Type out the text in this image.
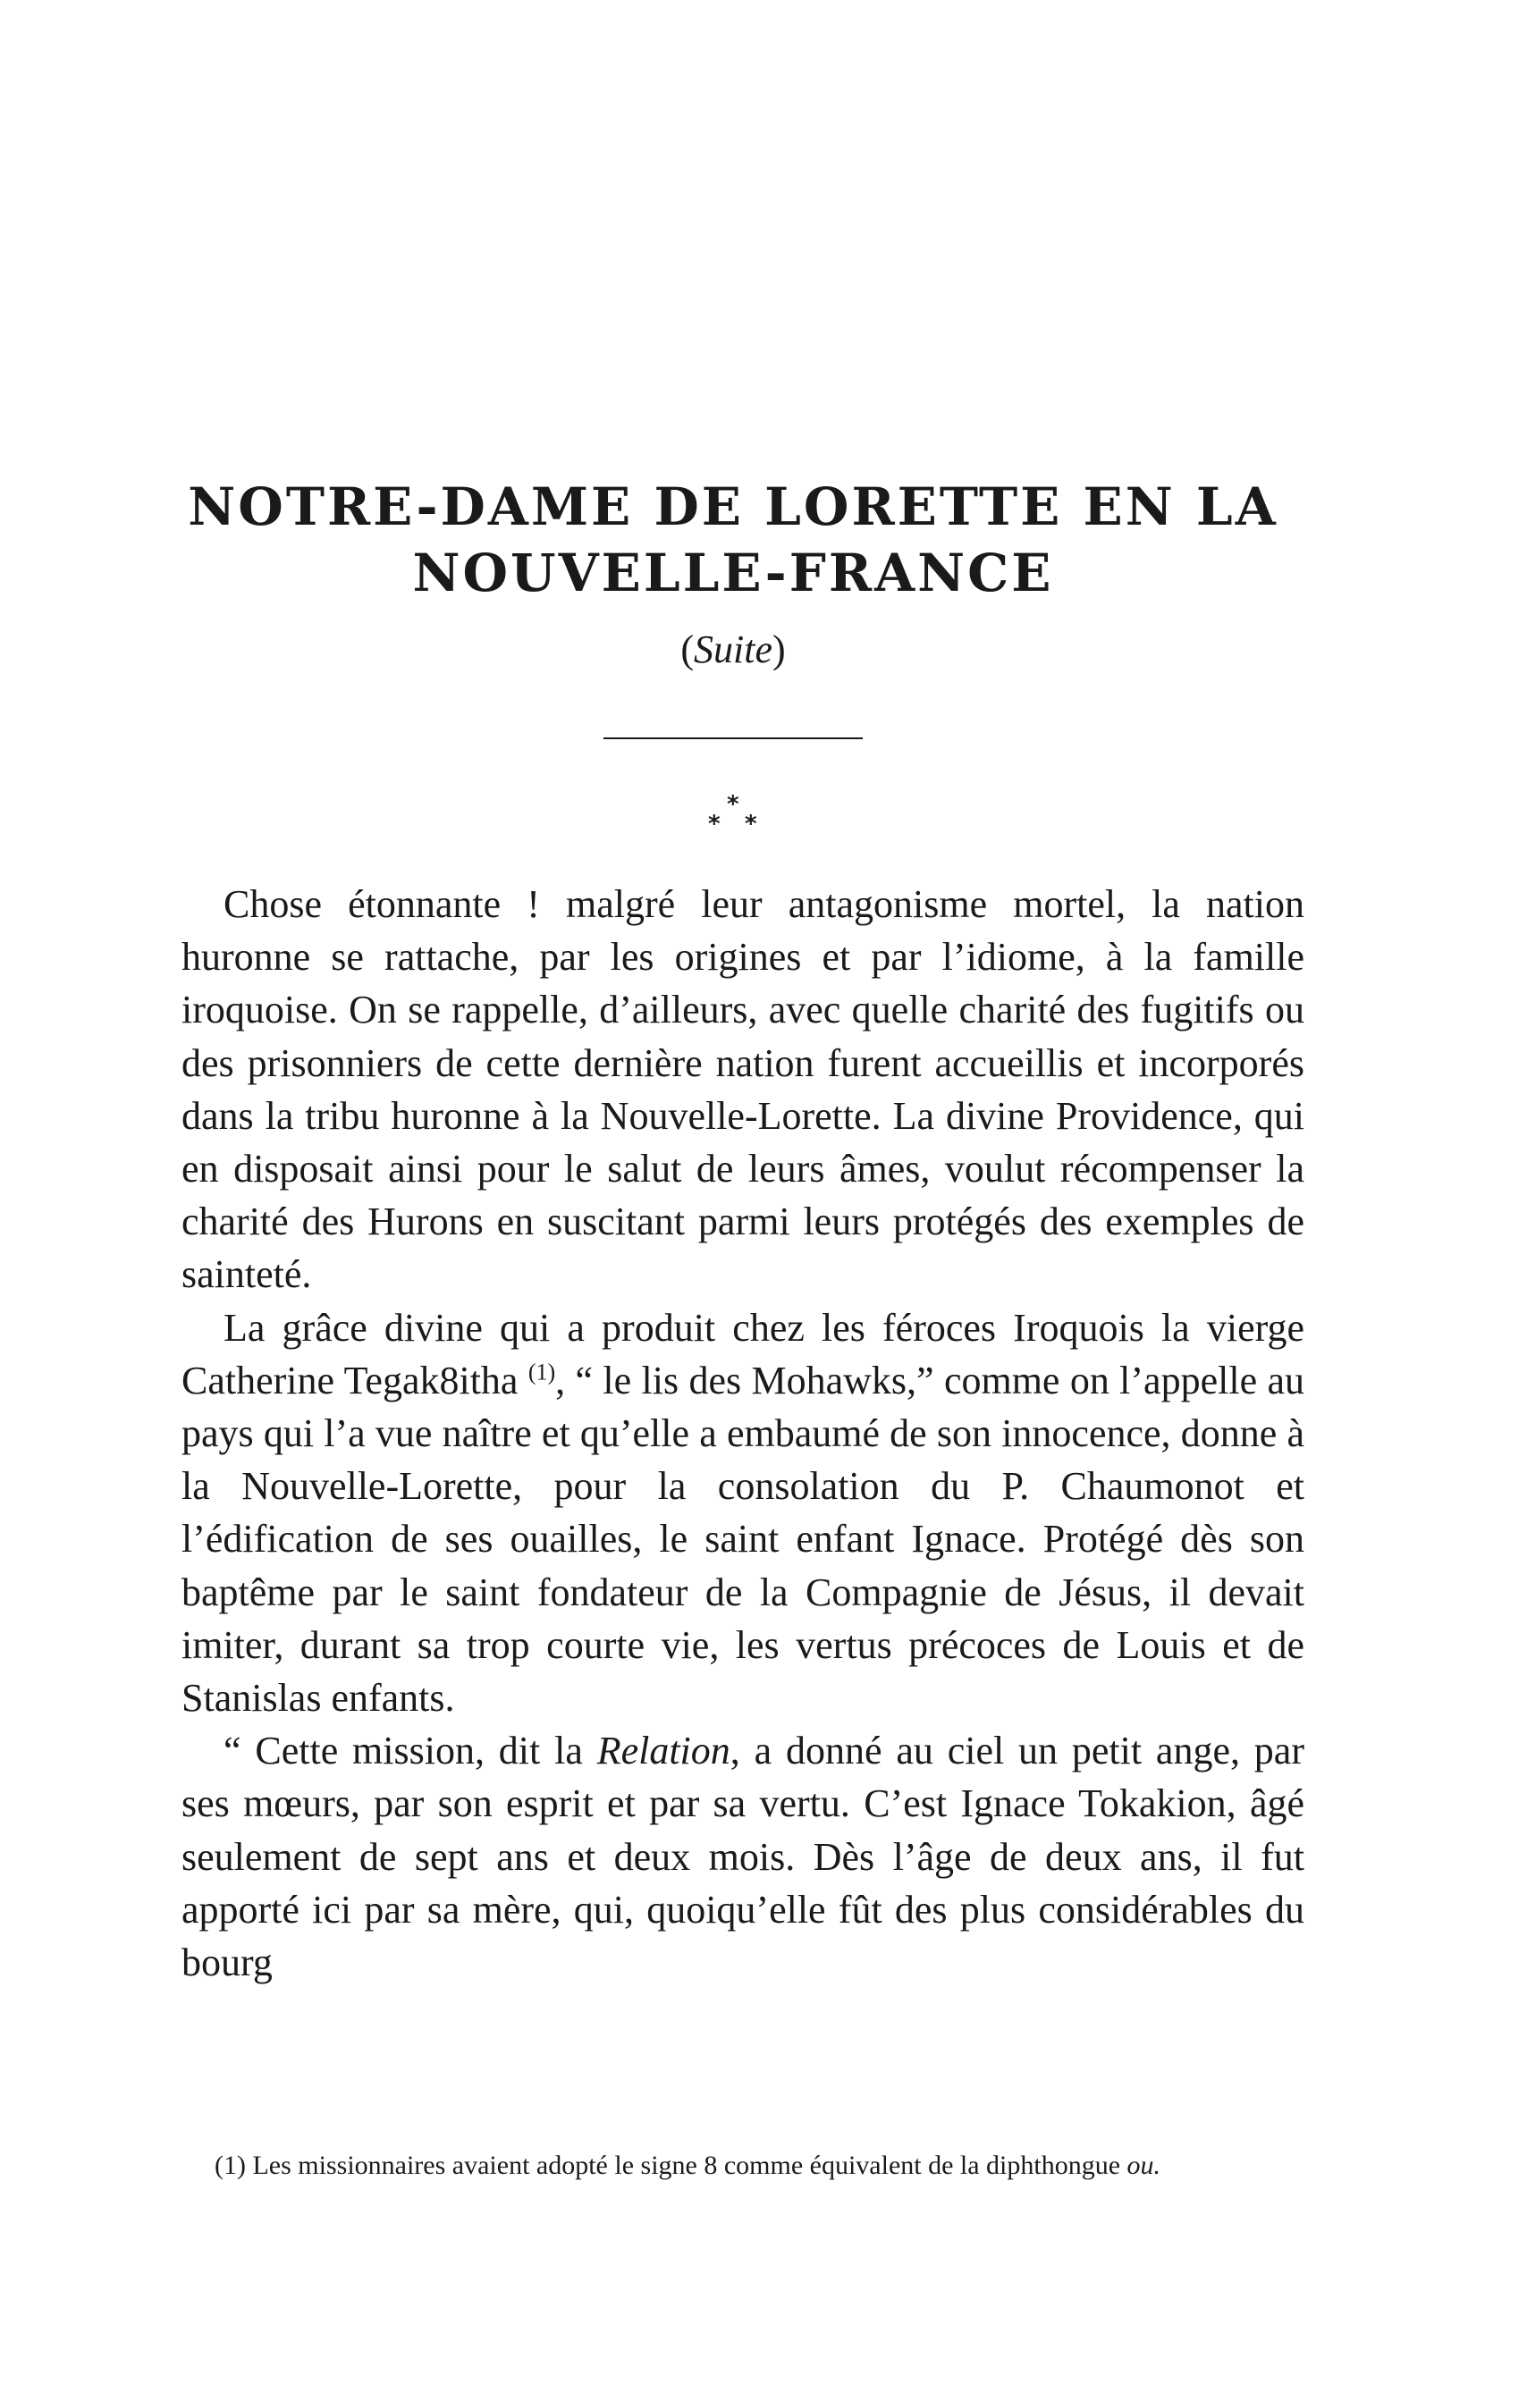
NOTRE-DAME DE LORETTE EN LA
NOUVELLE-FRANCE
(Suite)
*
* *

Chose étonnante ! malgré leur antagonisme mortel, la nation huronne se rattache, par les origines et par l’idiome, à la famille iroquoise. On se rappelle, d’ailleurs, avec quelle charité des fugitifs ou des prisonniers de cette dernière nation furent accueillis et incorporés dans la tribu huronne à la Nouvelle-Lorette. La divine Providence, qui en disposait ainsi pour le salut de leurs âmes, voulut récompenser la charité des Hurons en suscitant parmi leurs protégés des exemples de sainteté.

La grâce divine qui a produit chez les féroces Iroquois la vierge Catherine Tegak8itha $^{(1)}$, “ le lis des Mohawks,” comme on l’appelle au pays qui l’a vue naître et qu’elle a embaumé de son innocence, donne à la Nouvelle-Lorette, pour la consolation du P. Chaumonot et l’édification de ses ouailles, le saint enfant Ignace. Protégé dès son baptême par le saint fondateur de la Compagnie de Jésus, il devait imiter, durant sa trop courte vie, les vertus précoces de Louis et de Stanislas enfants.

“ Cette mission, dit la Relation, a donné au ciel un petit ange, par ses mœurs, par son esprit et par sa vertu. C’est Ignace Tokakion, âgé seulement de sept ans et deux mois. Dès l’âge de deux ans, il fut apporté ici par sa mère, qui, quoiqu’elle fût des plus considérables du bourg

(1) Les missionnaires avaient adopté le signe 8 comme équivalent de la diphthongue ou.
